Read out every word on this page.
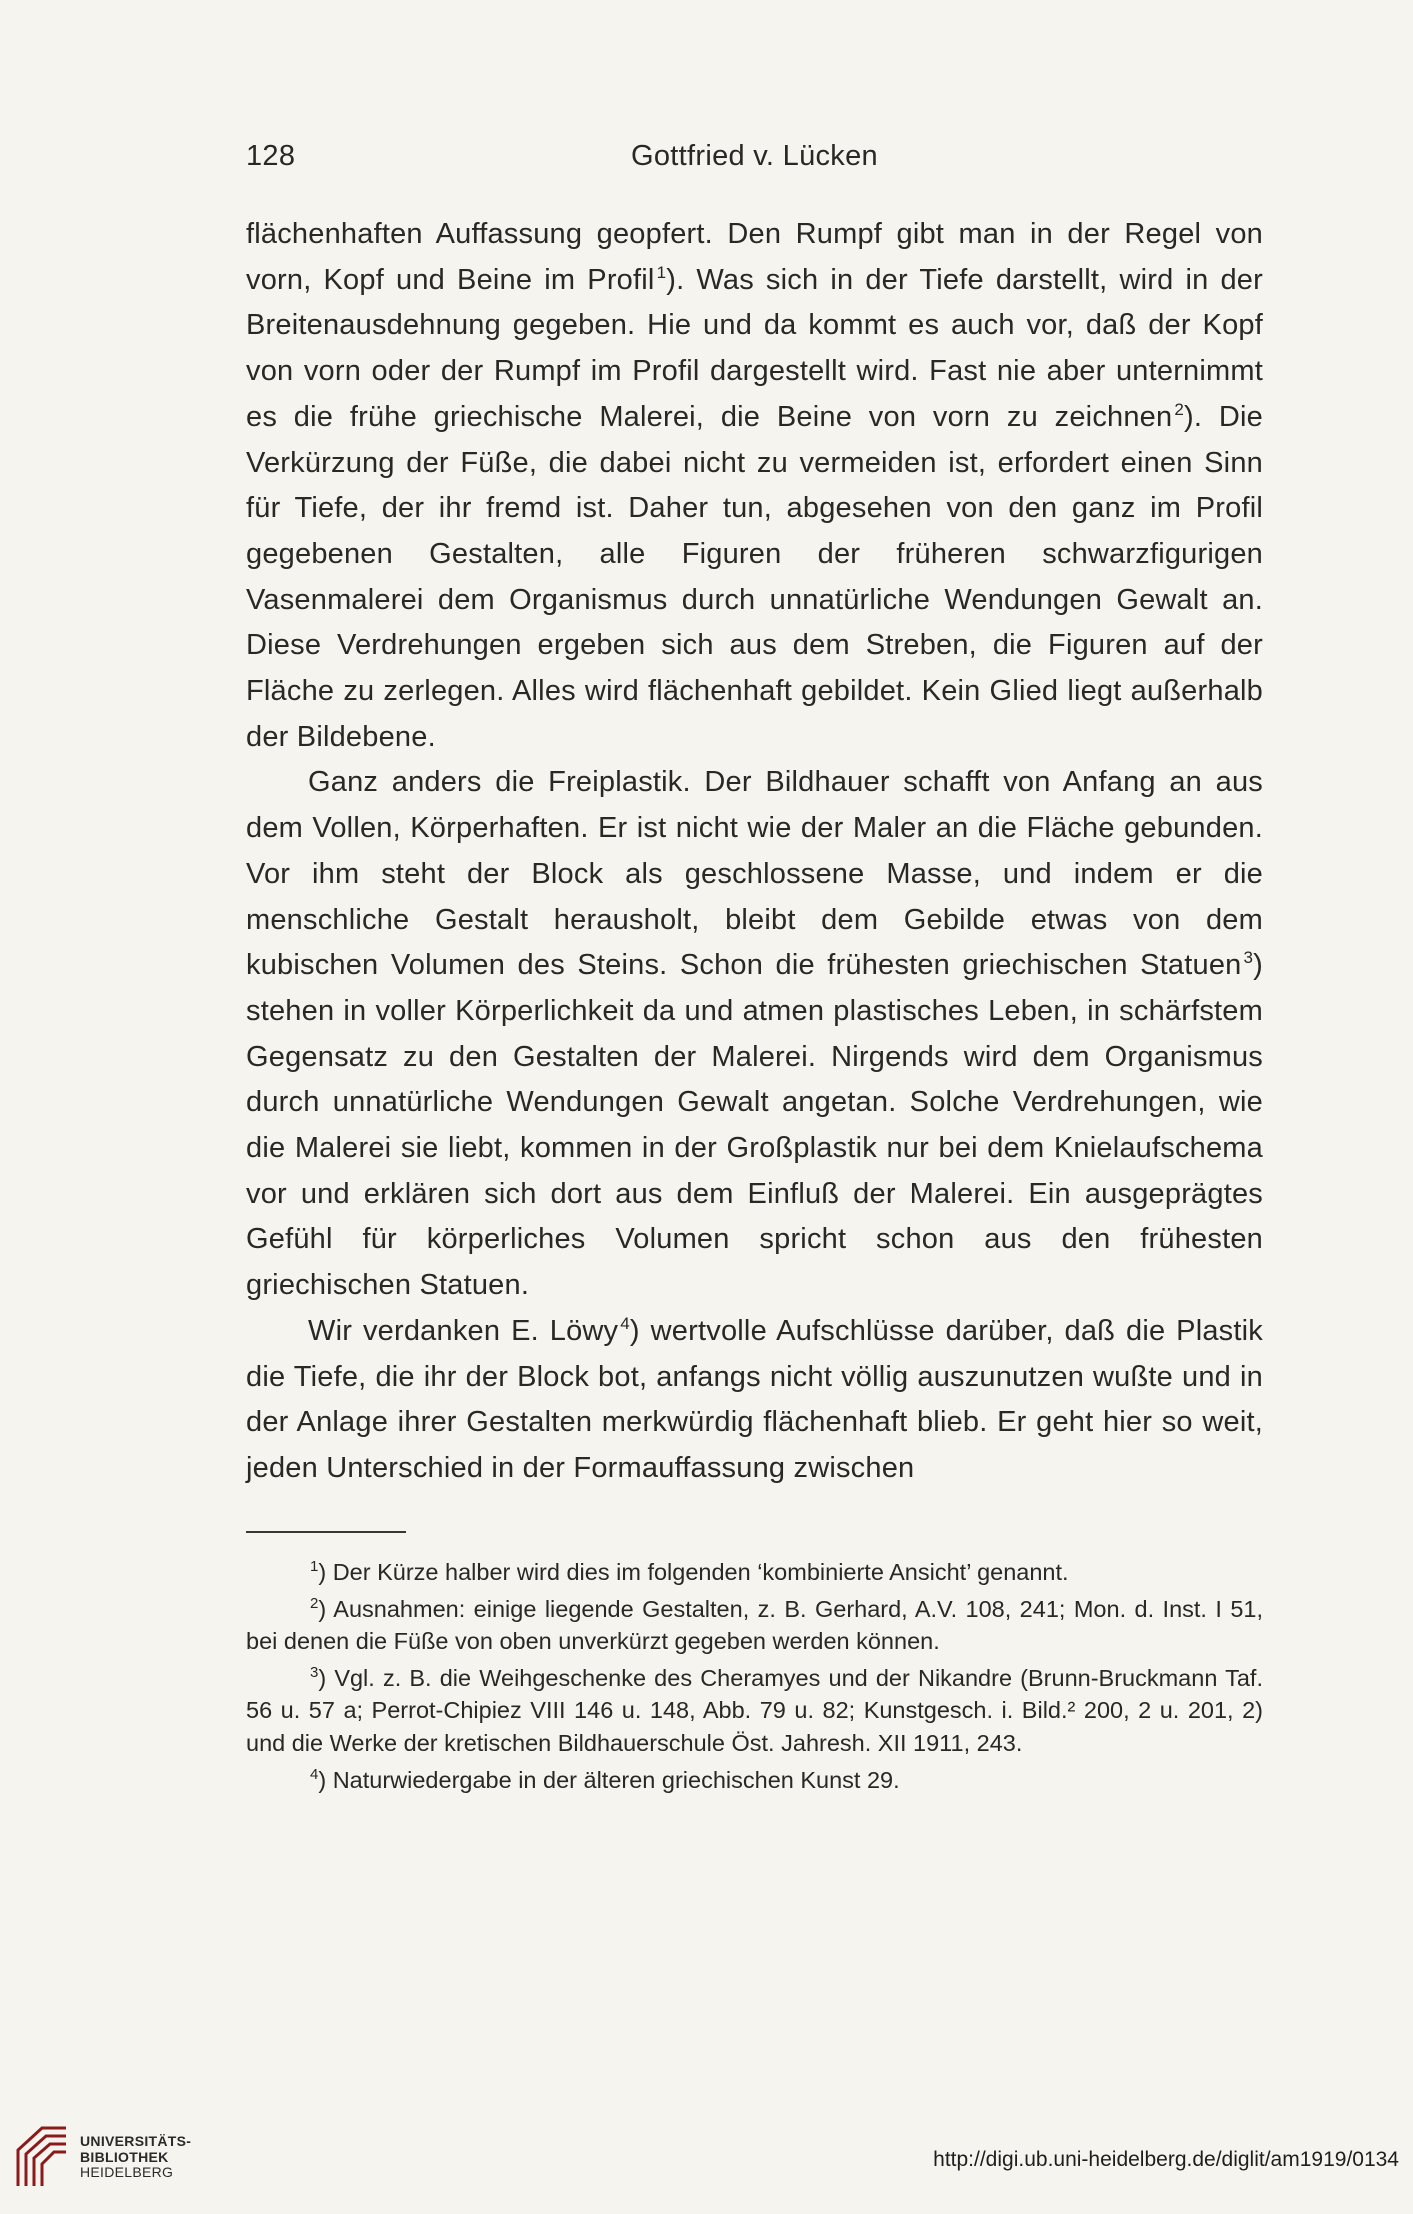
128	Gottfried v. Lücken

flächenhaften Auffassung geopfert. Den Rumpf gibt man in der Regel von vorn, Kopf und Beine im Profil $^1$). Was sich in der Tiefe darstellt, wird in der Breitenausdehnung gegeben. Hie und da kommt es auch vor, daß der Kopf von vorn oder der Rumpf im Profil dargestellt wird. Fast nie aber unternimmt es die frühe griechische Malerei, die Beine von vorn zu zeichnen $^2$). Die Verkürzung der Füße, die dabei nicht zu vermeiden ist, erfordert einen Sinn für Tiefe, der ihr fremd ist. Daher tun, abgesehen von den ganz im Profil gegebenen Gestalten, alle Figuren der früheren schwarzfigurigen Vasenmalerei dem Organismus durch unnatürliche Wendungen Gewalt an. Diese Verdrehungen ergeben sich aus dem Streben, die Figuren auf der Fläche zu zerlegen. Alles wird flächenhaft gebildet. Kein Glied liegt außerhalb der Bildebene.

Ganz anders die Freiplastik. Der Bildhauer schafft von Anfang an aus dem Vollen, Körperhaften. Er ist nicht wie der Maler an die Fläche gebunden. Vor ihm steht der Block als geschlossene Masse, und indem er die menschliche Gestalt herausholt, bleibt dem Gebilde etwas von dem kubischen Volumen des Steins. Schon die frühesten griechischen Statuen $^3$) stehen in voller Körperlichkeit da und atmen plastisches Leben, in schärfstem Gegensatz zu den Gestalten der Malerei. Nirgends wird dem Organismus durch unnatürliche Wendungen Gewalt angetan. Solche Verdrehungen, wie die Malerei sie liebt, kommen in der Großplastik nur bei dem Knielaufschema vor und erklären sich dort aus dem Einfluß der Malerei. Ein ausgeprägtes Gefühl für körperliches Volumen spricht schon aus den frühesten griechischen Statuen.

Wir verdanken E. Löwy $^4$) wertvolle Aufschlüsse darüber, daß die Plastik die Tiefe, die ihr der Block bot, anfangs nicht völlig auszunutzen wußte und in der Anlage ihrer Gestalten merkwürdig flächenhaft blieb. Er geht hier so weit, jeden Unterschied in der Formauffassung zwischen

$^1$) Der Kürze halber wird dies im folgenden ‘kombinierte Ansicht’ genannt.

$^2$) Ausnahmen: einige liegende Gestalten, z. B. Gerhard, A.V. 108, 241; Mon. d. Inst. I 51, bei denen die Füße von oben unverkürzt gegeben werden können.

$^3$) Vgl. z. B. die Weihgeschenke des Cheramyes und der Nikandre (Brunn-Bruckmann Taf. 56 u. 57 a; Perrot-Chipiez VIII 146 u. 148, Abb. 79 u. 82; Kunstgesch. i. Bild.² 200, 2 u. 201, 2) und die Werke der kretischen Bildhauerschule Öst. Jahresh. XII 1911, 243.

$^4$) Naturwiedergabe in der älteren griechischen Kunst 29.

UNIVERSITÄTS-
BIBLIOTHEK
HEIDELBERG
http://digi.ub.uni-heidelberg.de/diglit/am1919/0134
